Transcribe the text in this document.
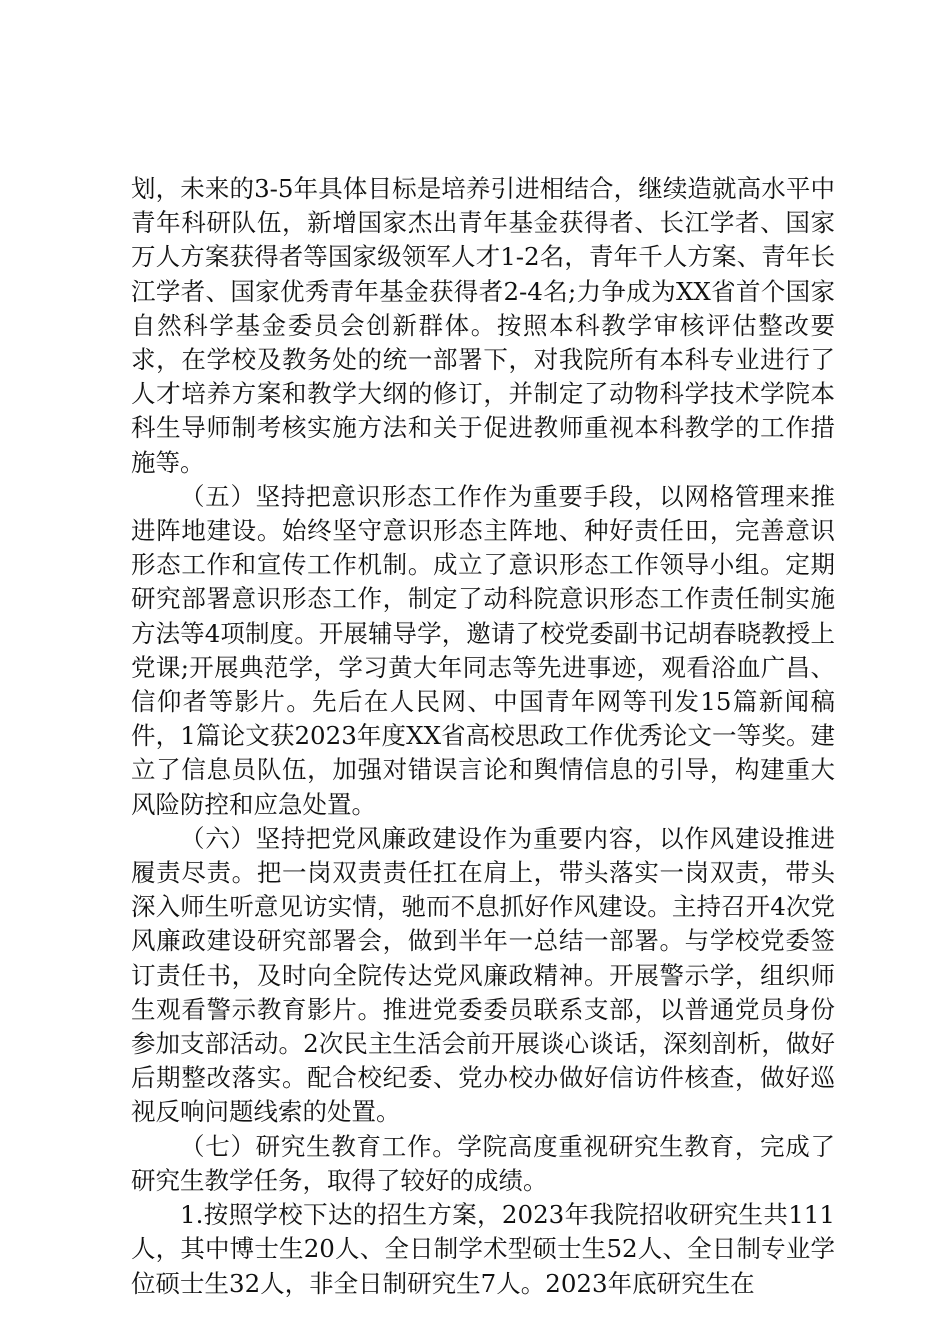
划，未来的3-5年具体目标是培养引进相结合，继续造就高水平中青年科研队伍，新增国家杰出青年基金获得者、长江学者、国家万人方案获得者等国家级领军人才1-2名，青年千人方案、青年长江学者、国家优秀青年基金获得者2-4名;力争成为XX省首个国家自然科学基金委员会创新群体。按照本科教学审核评估整改要求，在学校及教务处的统一部署下，对我院所有本科专业进行了人才培养方案和教学大纲的修订，并制定了动物科学技术学院本科生导师制考核实施方法和关于促进教师重视本科教学的工作措施等。

（五）坚持把意识形态工作作为重要手段，以网格管理来推进阵地建设。始终坚守意识形态主阵地、种好责任田，完善意识形态工作和宣传工作机制。成立了意识形态工作领导小组。定期研究部署意识形态工作，制定了动科院意识形态工作责任制实施方法等4项制度。开展辅导学，邀请了校党委副书记胡春晓教授上党课;开展典范学，学习黄大年同志等先进事迹，观看浴血广昌、信仰者等影片。先后在人民网、中国青年网等刊发15篇新闻稿件，1篇论文获2023年度XX省高校思政工作优秀论文一等奖。建立了信息员队伍，加强对错误言论和舆情信息的引导，构建重大风险防控和应急处置。

（六）坚持把党风廉政建设作为重要内容，以作风建设推进履责尽责。把一岗双责责任扛在肩上，带头落实一岗双责，带头深入师生听意见访实情，驰而不息抓好作风建设。主持召开4次党风廉政建设研究部署会，做到半年一总结一部署。与学校党委签订责任书，及时向全院传达党风廉政精神。开展警示学，组织师生观看警示教育影片。推进党委委员联系支部，以普通党员身份参加支部活动。2次民主生活会前开展谈心谈话，深刻剖析，做好后期整改落实。配合校纪委、党办校办做好信访件核查，做好巡视反响问题线索的处置。

（七）研究生教育工作。学院高度重视研究生教育，完成了研究生教学任务，取得了较好的成绩。

1.按照学校下达的招生方案，2023年我院招收研究生共111人，其中博士生20人、全日制学术型硕士生52人、全日制专业学位硕士生32人，非全日制研究生7人。2023年底研究生在
